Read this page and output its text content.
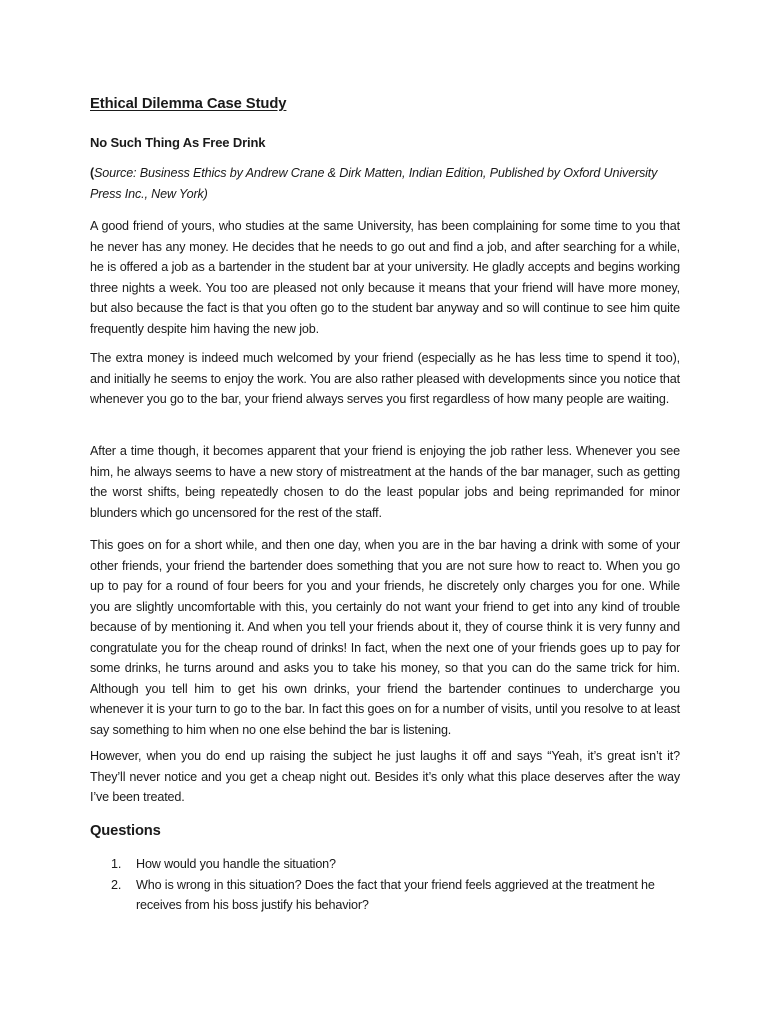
Ethical Dilemma Case Study
No Such Thing As Free Drink

(Source: Business Ethics by Andrew Crane & Dirk Matten, Indian Edition, Published by Oxford University Press Inc., New York)

A good friend of yours, who studies at the same University, has been complaining for some time to you that he never has any money. He decides that he needs to go out and find a job, and after searching for a while, he is offered a job as a bartender in the student bar at your university. He gladly accepts and begins working three nights a week. You too are pleased not only because it means that your friend will have more money, but also because the fact is that you often go to the student bar anyway and so will continue to see him quite frequently despite him having the new job.

The extra money is indeed much welcomed by your friend (especially as he has less time to spend it too), and initially he seems to enjoy the work. You are also rather pleased with developments since you notice that whenever you go to the bar, your friend always serves you first regardless of how many people are waiting.

After a time though, it becomes apparent that your friend is enjoying the job rather less. Whenever you see him, he always seems to have a new story of mistreatment at the hands of the bar manager, such as getting the worst shifts, being repeatedly chosen to do the least popular jobs and being reprimanded for minor blunders which go uncensored for the rest of the staff.

This goes on for a short while, and then one day, when you are in the bar having a drink with some of your other friends, your friend the bartender does something that you are not sure how to react to. When you go up to pay for a round of four beers for you and your friends, he discretely only charges you for one. While you are slightly uncomfortable with this, you certainly do not want your friend to get into any kind of trouble because of by mentioning it. And when you tell your friends about it, they of course think it is very funny and congratulate you for the cheap round of drinks! In fact, when the next one of your friends goes up to pay for some drinks, he turns around and asks you to take his money, so that you can do the same trick for him. Although you tell him to get his own drinks, your friend the bartender continues to undercharge you whenever it is your turn to go to the bar. In fact this goes on for a number of visits, until you resolve to at least say something to him when no one else behind the bar is listening.

However, when you do end up raising the subject he just laughs it off and says “Yeah, it’s great isn’t it? They’ll never notice and you get a cheap night out. Besides it’s only what this place deserves after the way I’ve been treated.

Questions
1. How would you handle the situation?
2. Who is wrong in this situation? Does the fact that your friend feels aggrieved at the treatment he receives from his boss justify his behavior?
